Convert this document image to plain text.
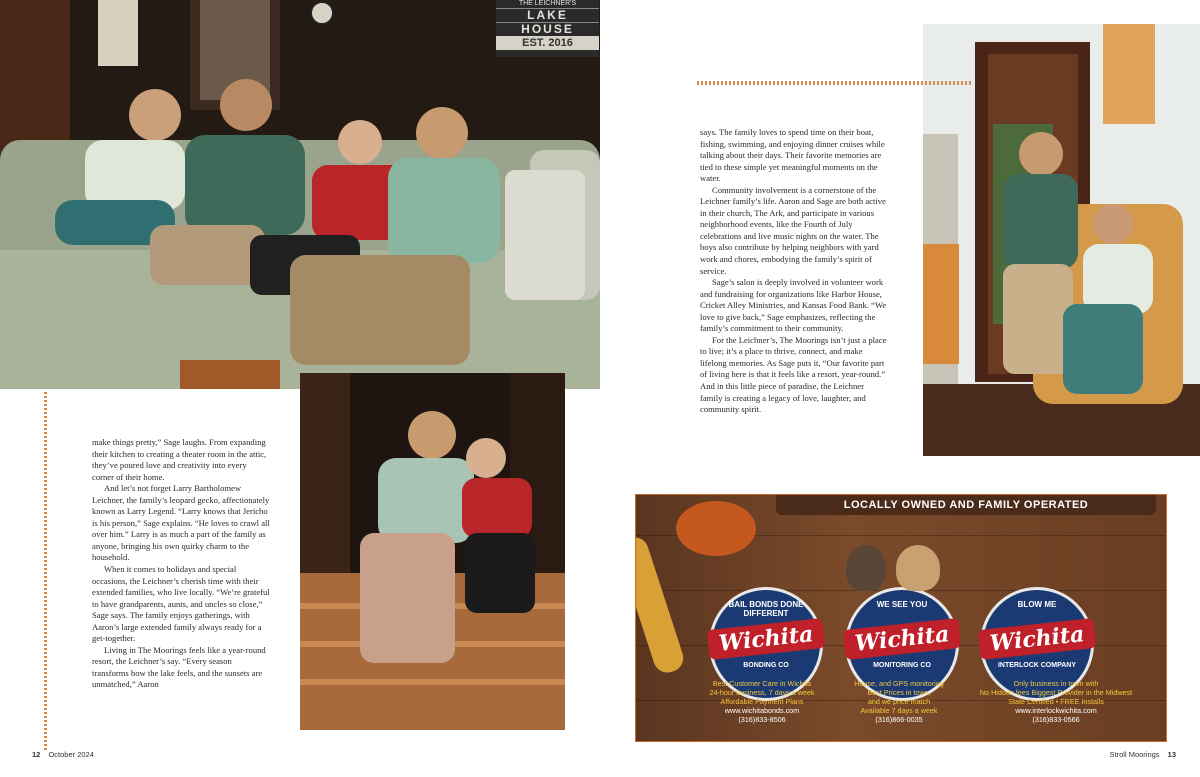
THE LEICHNER'S
LAKE
HOUSE
EST. 2016

make things pretty,” Sage laughs. From expanding their kitchen to creating a theater room in the attic, they’ve poured love and creativity into every corner of their home.

And let’s not forget Larry Bartholomew Leichner, the family’s leopard gecko, affectionately known as Larry Legend. “Larry knows that Jericho is his person,” Sage explains. “He loves to crawl all over him.” Larry is as much a part of the family as anyone, bringing his own quirky charm to the household.

When it comes to holidays and special occasions, the Leichner’s cherish time with their extended families, who live locally. “We’re grateful to have grandparents, aunts, and uncles so close,” Sage says. The family enjoys gatherings, with Aaron’s large extended family always ready for a get-together.

Living in The Moorings feels like a year-round resort, the Leichner’s say. “Every season transforms how the lake feels, and the sunsets are unmatched,” Aaron

says. The family loves to spend time on their boat, fishing, swimming, and enjoying dinner cruises while talking about their days. Their favorite memories are tied to these simple yet meaningful moments on the water.

Community involvement is a cornerstone of the Leichner family’s life. Aaron and Sage are both active in their church, The Ark, and participate in various neighborhood events, like the Fourth of July celebrations and live music nights on the water. The boys also contribute by helping neighbors with yard work and chores, embodying the family’s spirit of service.

Sage’s salon is deeply involved in volunteer work and fundraising for organizations like Harbor House, Cricket Alley Ministries, and Kansas Food Bank. “We love to give back,” Sage emphasizes, reflecting the family’s commitment to their community.

For the Leichner’s, The Moorings isn’t just a place to live; it’s a place to thrive, connect, and make lifelong memories. As Sage puts it, “Our favorite part of living here is that it feels like a resort, year-round.” And in this little piece of paradise, the Leichner family is creating a legacy of love, laughter, and community spirit.

LOCALLY OWNED AND FAMILY OPERATED
BAIL BONDS DONE DIFFERENT
Wichita
BONDING CO
WE SEE YOU
Wichita
MONITORING CO
BLOW ME
Wichita
INTERLOCK COMPANY
Best Customer Care in Wichita
24-hour business, 7 days a week
Affordable Payment Plans
www.wichitabonds.com
(316)833-8506
House, and GPS monitoring
Best Prices in town,
and we price match
Available 7 days a week
(316)866-0035
Only business in town with
No Hidden fees Biggest Provider in the Midwest
State Certified • FREE Installs
www.interlockwichita.com
(316)833-0566
12 October 2024	Stroll Moorings 13
